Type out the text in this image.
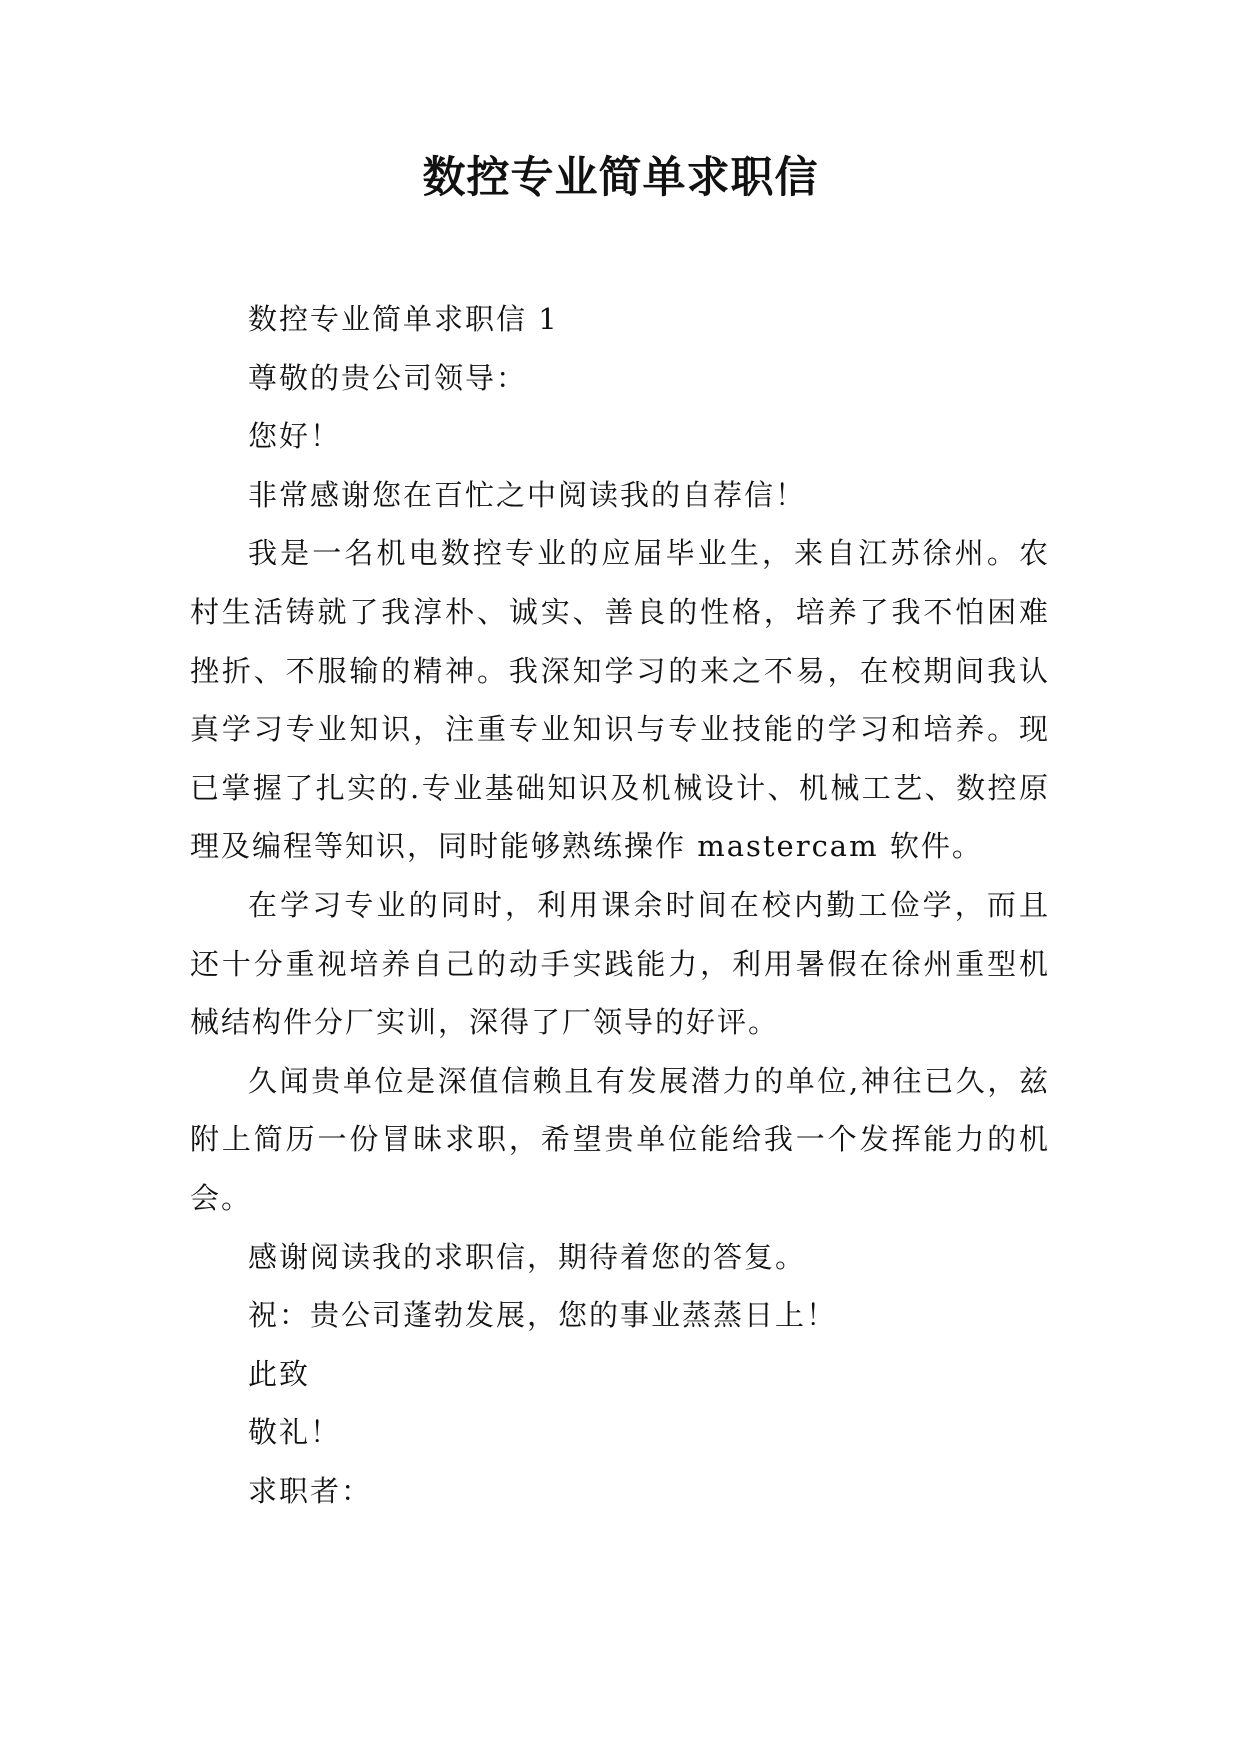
数控专业简单求职信

数控专业简单求职信 1

尊敬的贵公司领导：

您好！

非常感谢您在百忙之中阅读我的自荐信！

我是一名机电数控专业的应届毕业生，来自江苏徐州。农村生活铸就了我淳朴、诚实、善良的性格，培养了我不怕困难挫折、不服输的精神。我深知学习的来之不易，在校期间我认真学习专业知识，注重专业知识与专业技能的学习和培养。现已掌握了扎实的.专业基础知识及机械设计、机械工艺、数控原理及编程等知识，同时能够熟练操作 mastercam 软件。

在学习专业的同时，利用课余时间在校内勤工俭学，而且还十分重视培养自己的动手实践能力，利用暑假在徐州重型机械结构件分厂实训，深得了厂领导的好评。

久闻贵单位是深值信赖且有发展潜力的单位,神往已久，兹附上简历一份冒昧求职，希望贵单位能给我一个发挥能力的机会。

感谢阅读我的求职信，期待着您的答复。

祝：贵公司蓬勃发展，您的事业蒸蒸日上！

此致

敬礼！

求职者：
